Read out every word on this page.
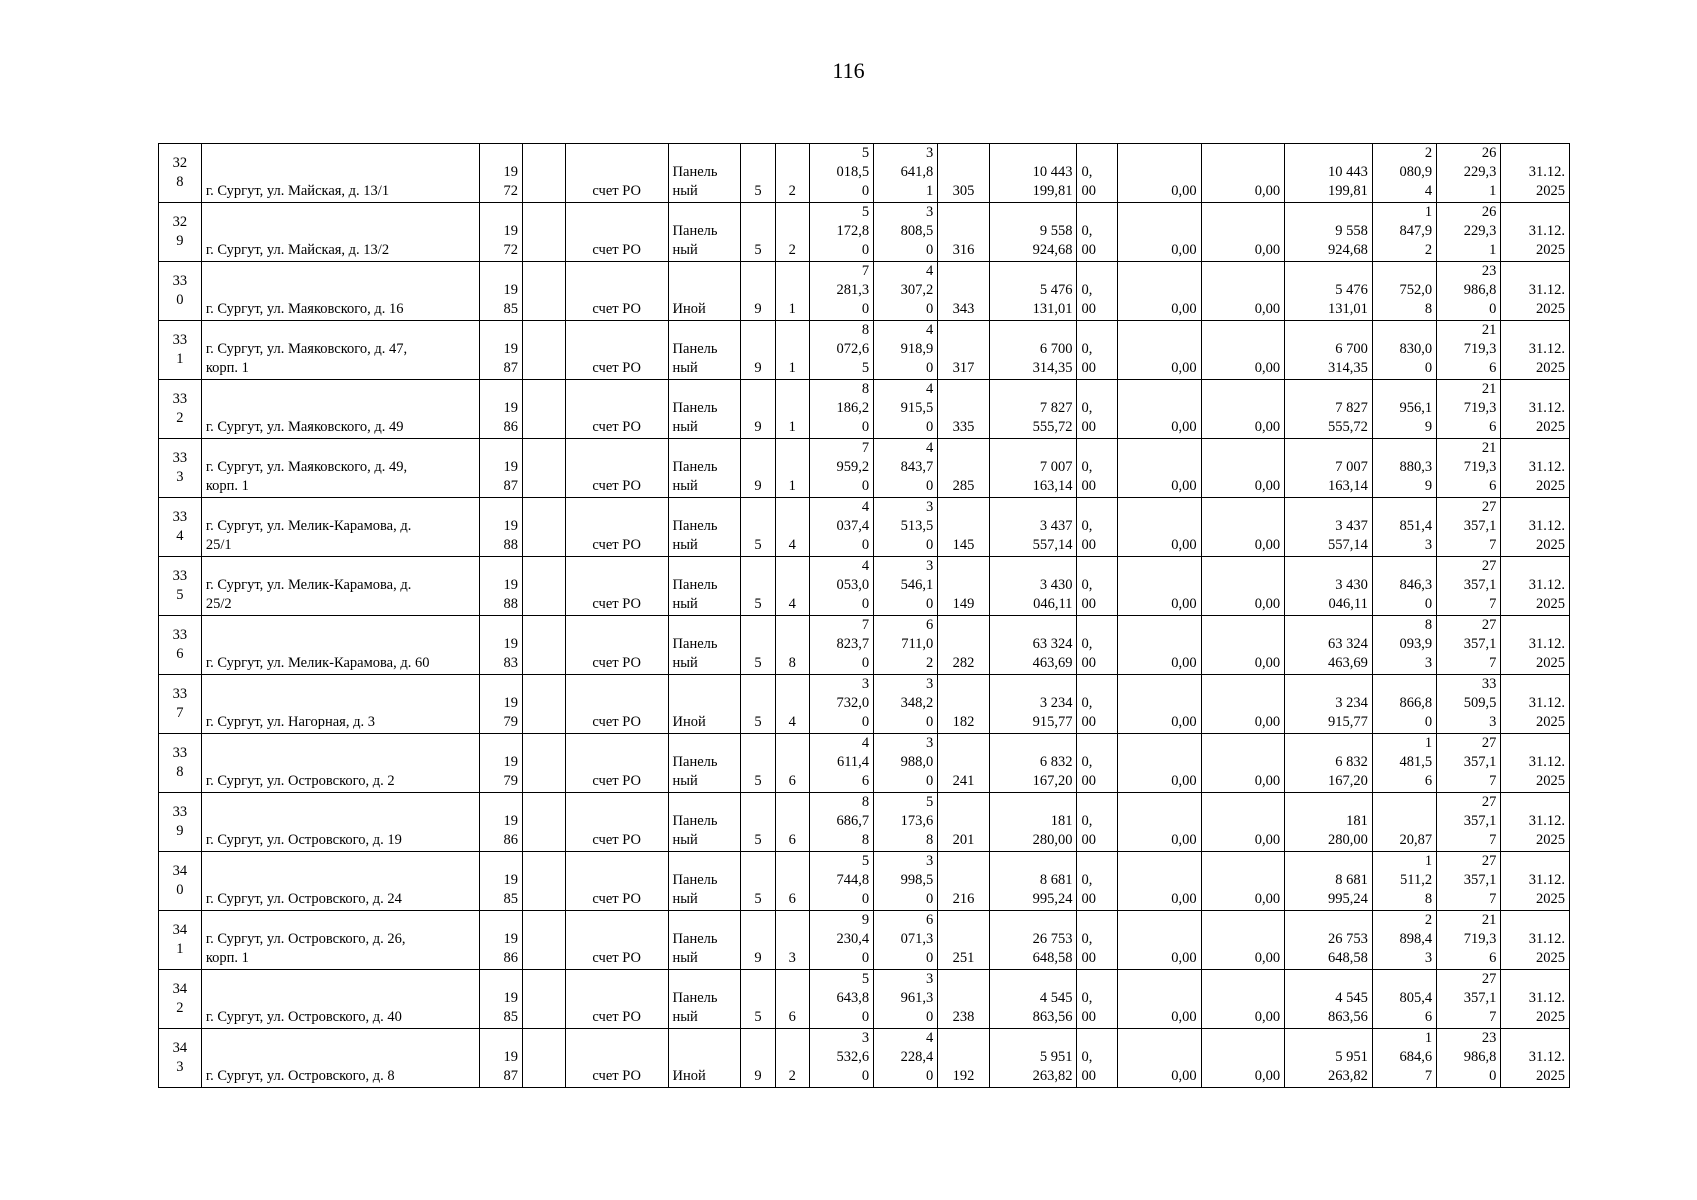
116
32
8	г. Сургут, ул. Майская, д. 13/1	19
72		счет РО	Панель
ный	5	2	5
018,5
0	3
641,8
1	305	10 443
199,81	0,
00	0,00	0,00	10 443
199,81	2
080,9
4	26
229,3
1	31.12.
2025

32
9	г. Сургут, ул. Майская, д. 13/2	19
72		счет РО	Панель
ный	5	2	5
172,8
0	3
808,5
0	316	9 558
924,68	0,
00	0,00	0,00	9 558
924,68	1
847,9
2	26
229,3
1	31.12.
2025

33
0	г. Сургут, ул. Маяковского, д. 16	19
85		счет РО	Иной	9	1	7
281,3
0	4
307,2
0	343	5 476
131,01	0,
00	0,00	0,00	5 476
131,01	752,0
8	23
986,8
0	31.12.
2025

33
1	г. Сургут, ул. Маяковского, д. 47,
корп. 1	19
87		счет РО	Панель
ный	9	1	8
072,6
5	4
918,9
0	317	6 700
314,35	0,
00	0,00	0,00	6 700
314,35	830,0
0	21
719,3
6	31.12.
2025

33
2	г. Сургут, ул. Маяковского, д. 49	19
86		счет РО	Панель
ный	9	1	8
186,2
0	4
915,5
0	335	7 827
555,72	0,
00	0,00	0,00	7 827
555,72	956,1
9	21
719,3
6	31.12.
2025

33
3	г. Сургут, ул. Маяковского, д. 49,
корп. 1	19
87		счет РО	Панель
ный	9	1	7
959,2
0	4
843,7
0	285	7 007
163,14	0,
00	0,00	0,00	7 007
163,14	880,3
9	21
719,3
6	31.12.
2025

33
4	г. Сургут, ул. Мелик-Карамова, д.
25/1	19
88		счет РО	Панель
ный	5	4	4
037,4
0	3
513,5
0	145	3 437
557,14	0,
00	0,00	0,00	3 437
557,14	851,4
3	27
357,1
7	31.12.
2025

33
5	г. Сургут, ул. Мелик-Карамова, д.
25/2	19
88		счет РО	Панель
ный	5	4	4
053,0
0	3
546,1
0	149	3 430
046,11	0,
00	0,00	0,00	3 430
046,11	846,3
0	27
357,1
7	31.12.
2025

33
6	г. Сургут, ул. Мелик-Карамова, д. 60	19
83		счет РО	Панель
ный	5	8	7
823,7
0	6
711,0
2	282	63 324
463,69	0,
00	0,00	0,00	63 324
463,69	8
093,9
3	27
357,1
7	31.12.
2025

33
7	г. Сургут, ул. Нагорная, д. 3	19
79		счет РО	Иной	5	4	3
732,0
0	3
348,2
0	182	3 234
915,77	0,
00	0,00	0,00	3 234
915,77	866,8
0	33
509,5
3	31.12.
2025

33
8	г. Сургут, ул. Островского, д. 2	19
79		счет РО	Панель
ный	5	6	4
611,4
6	3
988,0
0	241	6 832
167,20	0,
00	0,00	0,00	6 832
167,20	1
481,5
6	27
357,1
7	31.12.
2025

33
9	г. Сургут, ул. Островского, д. 19	19
86		счет РО	Панель
ный	5	6	8
686,7
8	5
173,6
8	201	181
280,00	0,
00	0,00	0,00	181
280,00	20,87	27
357,1
7	31.12.
2025

34
0	г. Сургут, ул. Островского, д. 24	19
85		счет РО	Панель
ный	5	6	5
744,8
0	3
998,5
0	216	8 681
995,24	0,
00	0,00	0,00	8 681
995,24	1
511,2
8	27
357,1
7	31.12.
2025

34
1	г. Сургут, ул. Островского, д. 26,
корп. 1	19
86		счет РО	Панель
ный	9	3	9
230,4
0	6
071,3
0	251	26 753
648,58	0,
00	0,00	0,00	26 753
648,58	2
898,4
3	21
719,3
6	31.12.
2025

34
2	г. Сургут, ул. Островского, д. 40	19
85		счет РО	Панель
ный	5	6	5
643,8
0	3
961,3
0	238	4 545
863,56	0,
00	0,00	0,00	4 545
863,56	805,4
6	27
357,1
7	31.12.
2025

34
3	г. Сургут, ул. Островского, д. 8	19
87		счет РО	Иной	9	2	3
532,6
0	4
228,4
0	192	5 951
263,82	0,
00	0,00	0,00	5 951
263,82	1
684,6
7	23
986,8
0	31.12.
2025
